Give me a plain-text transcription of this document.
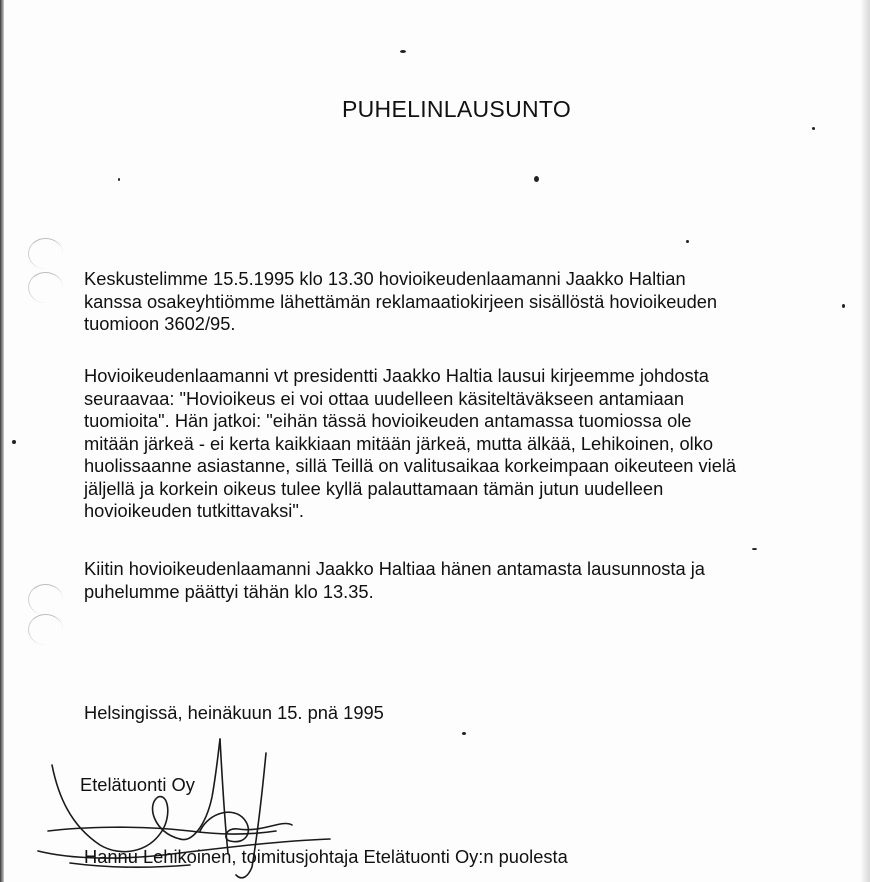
PUHELINLAUSUNTO

Keskustelimme 15.5.1995 klo 13.30 hovioikeudenlaamanni Jaakko Haltian
kanssa osakeyhtiömme lähettämän reklamaatiokirjeen sisällöstä hovioikeuden
tuomioon 3602/95.

Hovioikeudenlaamanni vt presidentti Jaakko Haltia lausui kirjeemme johdosta
seuraavaa: "Hovioikeus ei voi ottaa uudelleen käsiteltäväkseen antamiaan
tuomioita". Hän jatkoi: "eihän tässä hovioikeuden antamassa tuomiossa ole
mitään järkeä - ei kerta kaikkiaan mitään järkeä, mutta älkää, Lehikoinen, olko
huolissaanne asiastanne, sillä Teillä on valitusaikaa korkeimpaan oikeuteen vielä
jäljellä ja korkein oikeus tulee kyllä palauttamaan tämän jutun uudelleen
hovioikeuden tutkittavaksi".

Kiitin hovioikeudenlaamanni Jaakko Haltiaa hänen antamasta lausunnosta ja
puhelumme päättyi tähän klo 13.35.

Helsingissä, heinäkuun 15. pnä 1995
Etelätuonti Oy
Hannu Lehikoinen, toimitusjohtaja Etelätuonti Oy:n puolesta
